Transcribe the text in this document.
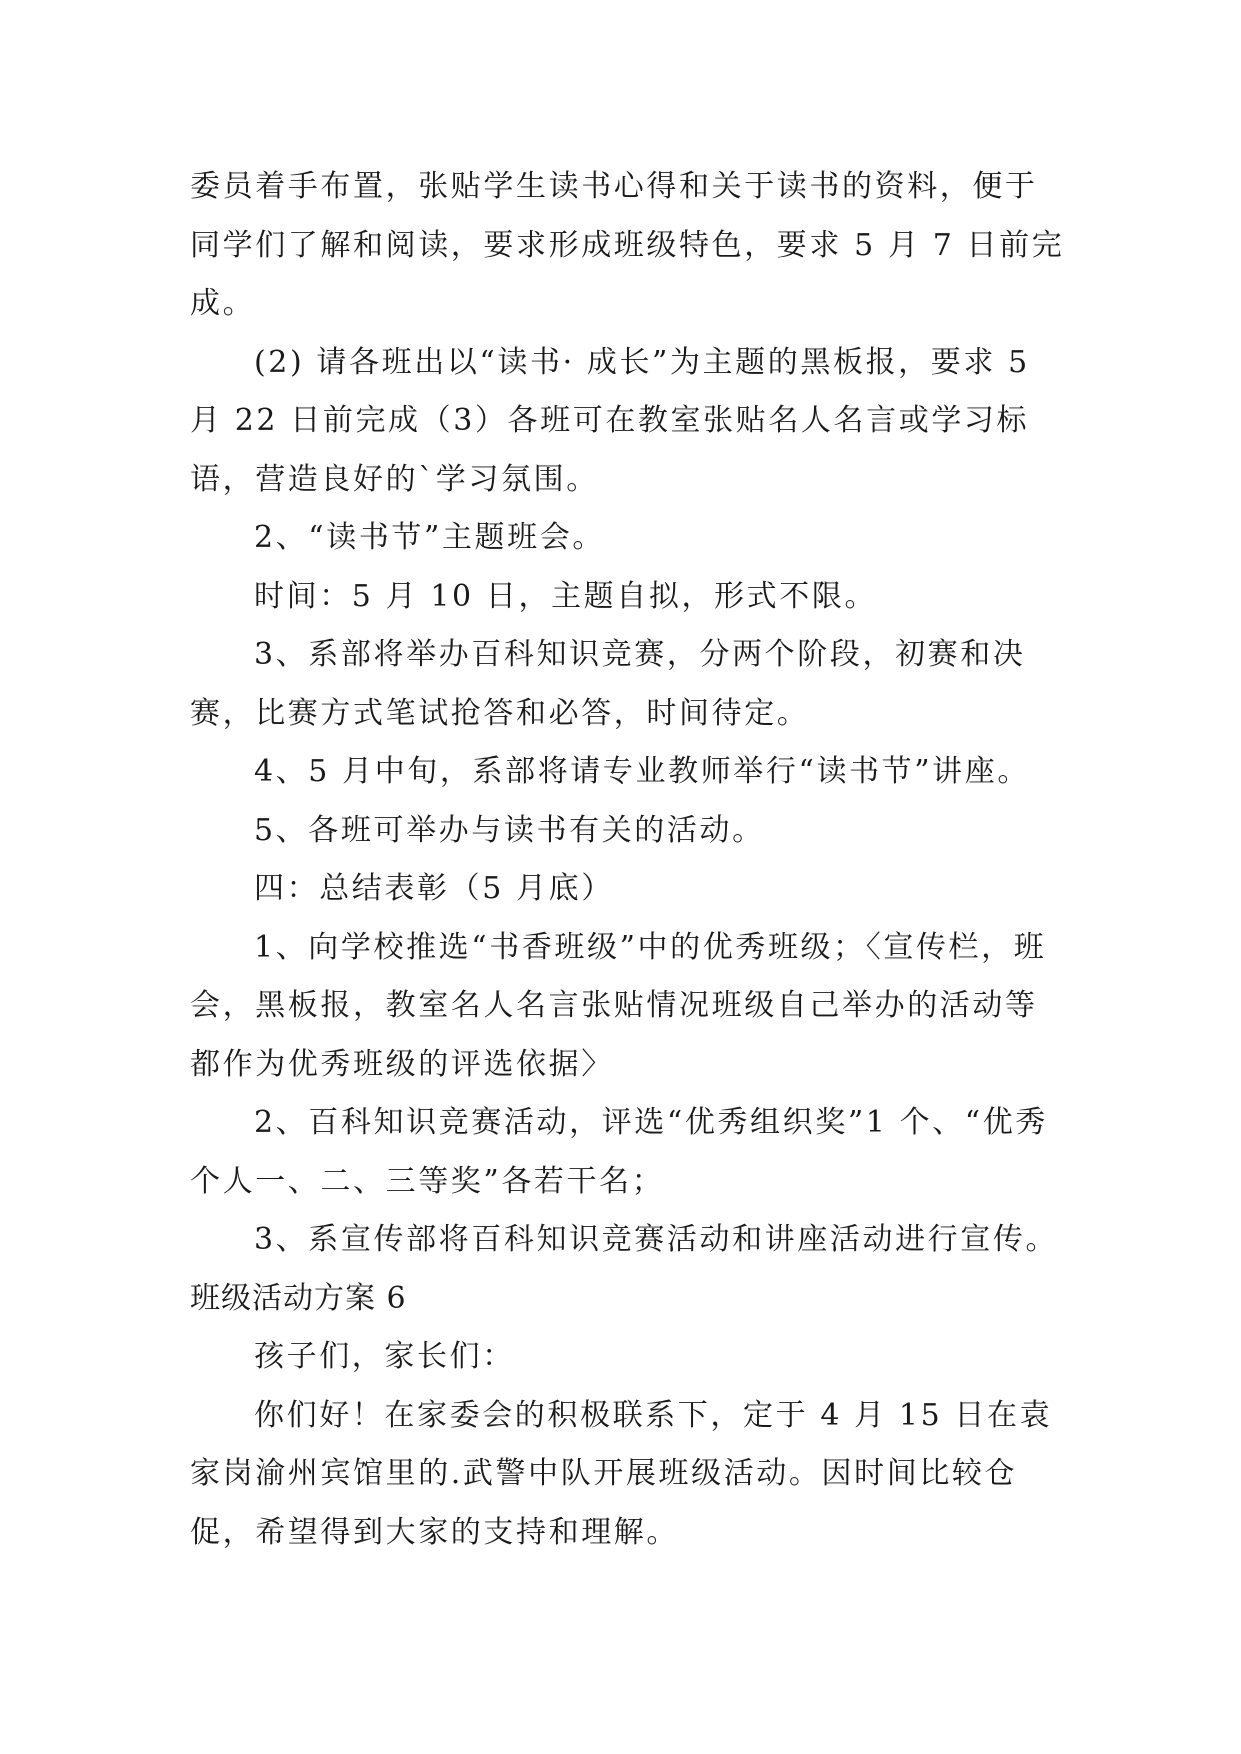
委员着手布置，张贴学生读书心得和关于读书的资料，便于同学们了解和阅读，要求形成班级特色，要求 5 月 7 日前完成。

(2) 请各班出以“读书· 成长”为主题的黑板报，要求 5 月 22 日前完成（3）各班可在教室张贴名人名言或学习标语，营造良好的`学习氛围。

2、“读书节”主题班会。

时间：5 月 10 日，主题自拟，形式不限。

3、系部将举办百科知识竞赛，分两个阶段，初赛和决赛，比赛方式笔试抢答和必答，时间待定。

4、5 月中旬，系部将请专业教师举行“读书节”讲座。

5、各班可举办与读书有关的活动。

四：总结表彰（5 月底）

1、向学校推选“书香班级”中的优秀班级；〈宣传栏，班会，黑板报，教室名人名言张贴情况班级自己举办的活动等都作为优秀班级的评选依据〉

2、百科知识竞赛活动，评选“优秀组织奖”1 个、“优秀个人一、二、三等奖”各若干名；

3、系宣传部将百科知识竞赛活动和讲座活动进行宣传。

班级活动方案 6

孩子们，家长们：

你们好！在家委会的积极联系下，定于 4 月 15 日在袁家岗渝州宾馆里的.武警中队开展班级活动。因时间比较仓促，希望得到大家的支持和理解。
